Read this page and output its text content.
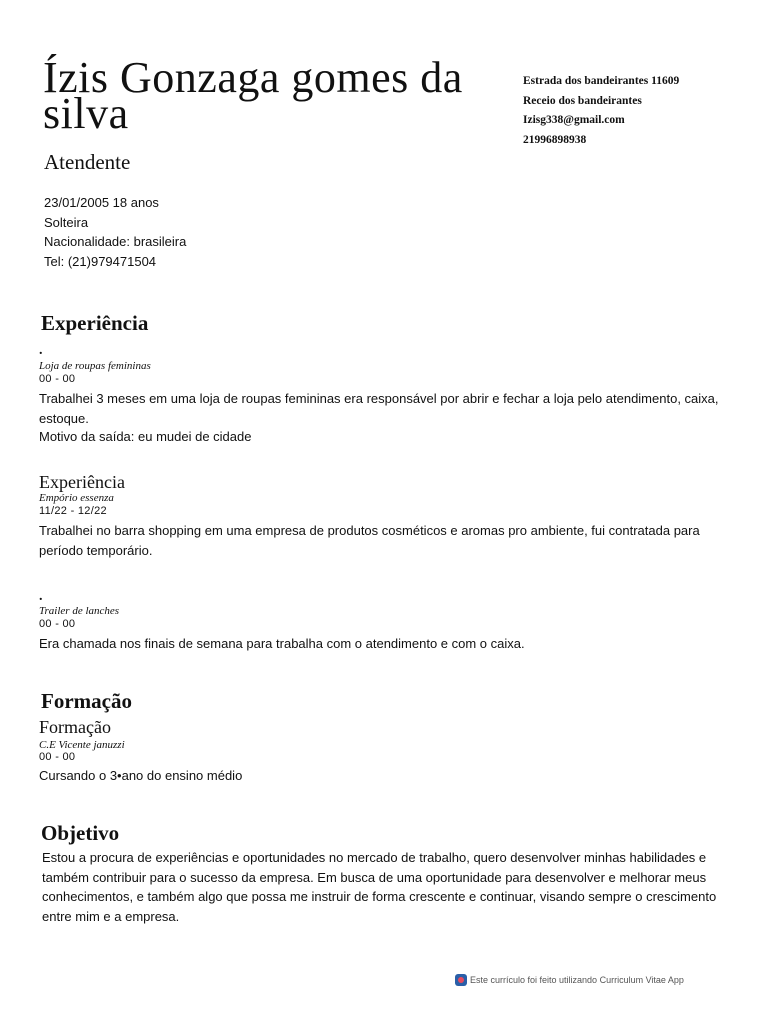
Ízis Gonzaga gomes da silva
Atendente
23/01/2005 18 anos
Solteira
Nacionalidade: brasileira
Tel: (21)979471504
Estrada dos bandeirantes 11609
Receio dos bandeirantes
Izisg338@gmail.com
21996898938
Experiência
.
Loja de roupas femininas
00 - 00
Trabalhei 3 meses em uma loja de roupas femininas era responsável por abrir e fechar a loja pelo atendimento, caixa, estoque.
Motivo da saída: eu mudei de cidade
Experiência
Empório essenza
11/22 - 12/22
Trabalhei no barra shopping em uma empresa de produtos cosméticos e aromas pro ambiente, fui contratada para período temporário.
.
Trailer de lanches
00 - 00
Era chamada nos finais de semana para trabalha com o atendimento e com o caixa.
Formação
Formação
C.E Vicente januzzi
00 - 00
Cursando o 3•ano do ensino médio
Objetivo
Estou a procura de experiências e oportunidades no mercado de trabalho, quero desenvolver minhas habilidades e também contribuir para o sucesso da empresa. Em busca de uma oportunidade para desenvolver e melhorar meus conhecimentos, e também algo que possa me instruir de forma crescente e continuar, visando sempre o crescimento entre mim e a empresa.
Este currículo foi feito utilizando Curriculum Vitae App
